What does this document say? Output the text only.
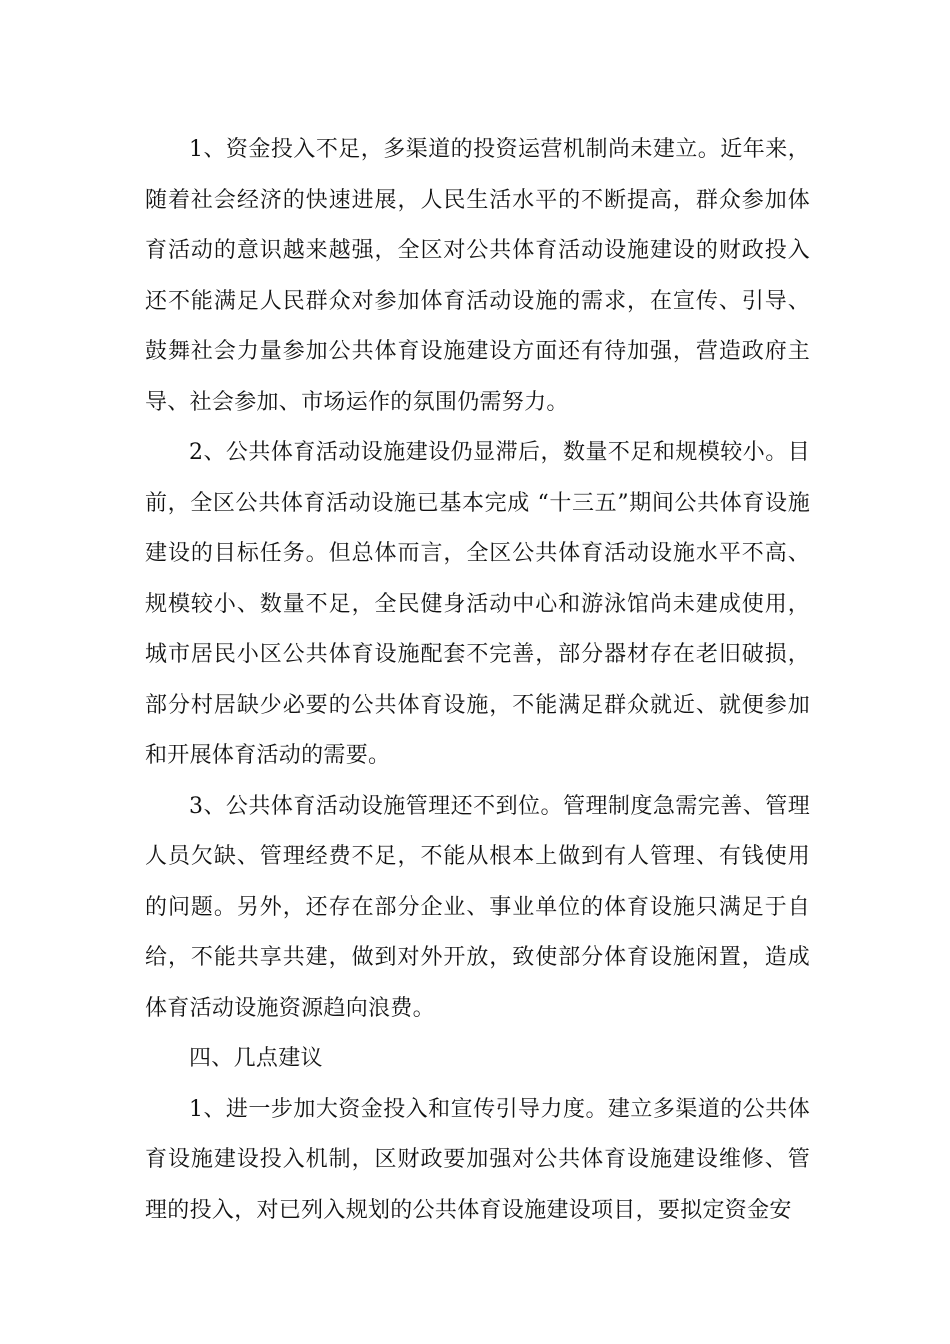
1、资金投入不足，多渠道的投资运营机制尚未建立。近年来，随着社会经济的快速进展，人民生活水平的不断提高，群众参加体育活动的意识越来越强，全区对公共体育活动设施建设的财政投入还不能满足人民群众对参加体育活动设施的需求，在宣传、引导、鼓舞社会力量参加公共体育设施建设方面还有待加强，营造政府主导、社会参加、市场运作的氛围仍需努力。

2、公共体育活动设施建设仍显滞后，数量不足和规模较小。目前，全区公共体育活动设施已基本完成 “十三五”期间公共体育设施建设的目标任务。但总体而言，全区公共体育活动设施水平不高、规模较小、数量不足，全民健身活动中心和游泳馆尚未建成使用，城市居民小区公共体育设施配套不完善，部分器材存在老旧破损，部分村居缺少必要的公共体育设施，不能满足群众就近、就便参加和开展体育活动的需要。

3、公共体育活动设施管理还不到位。管理制度急需完善、管理人员欠缺、管理经费不足，不能从根本上做到有人管理、有钱使用的问题。另外，还存在部分企业、事业单位的体育设施只满足于自给，不能共享共建，做到对外开放，致使部分体育设施闲置，造成体育活动设施资源趋向浪费。

四、几点建议

1、进一步加大资金投入和宣传引导力度。建立多渠道的公共体育设施建设投入机制，区财政要加强对公共体育设施建设维修、管理的投入，对已列入规划的公共体育设施建设项目，要拟定资金安
